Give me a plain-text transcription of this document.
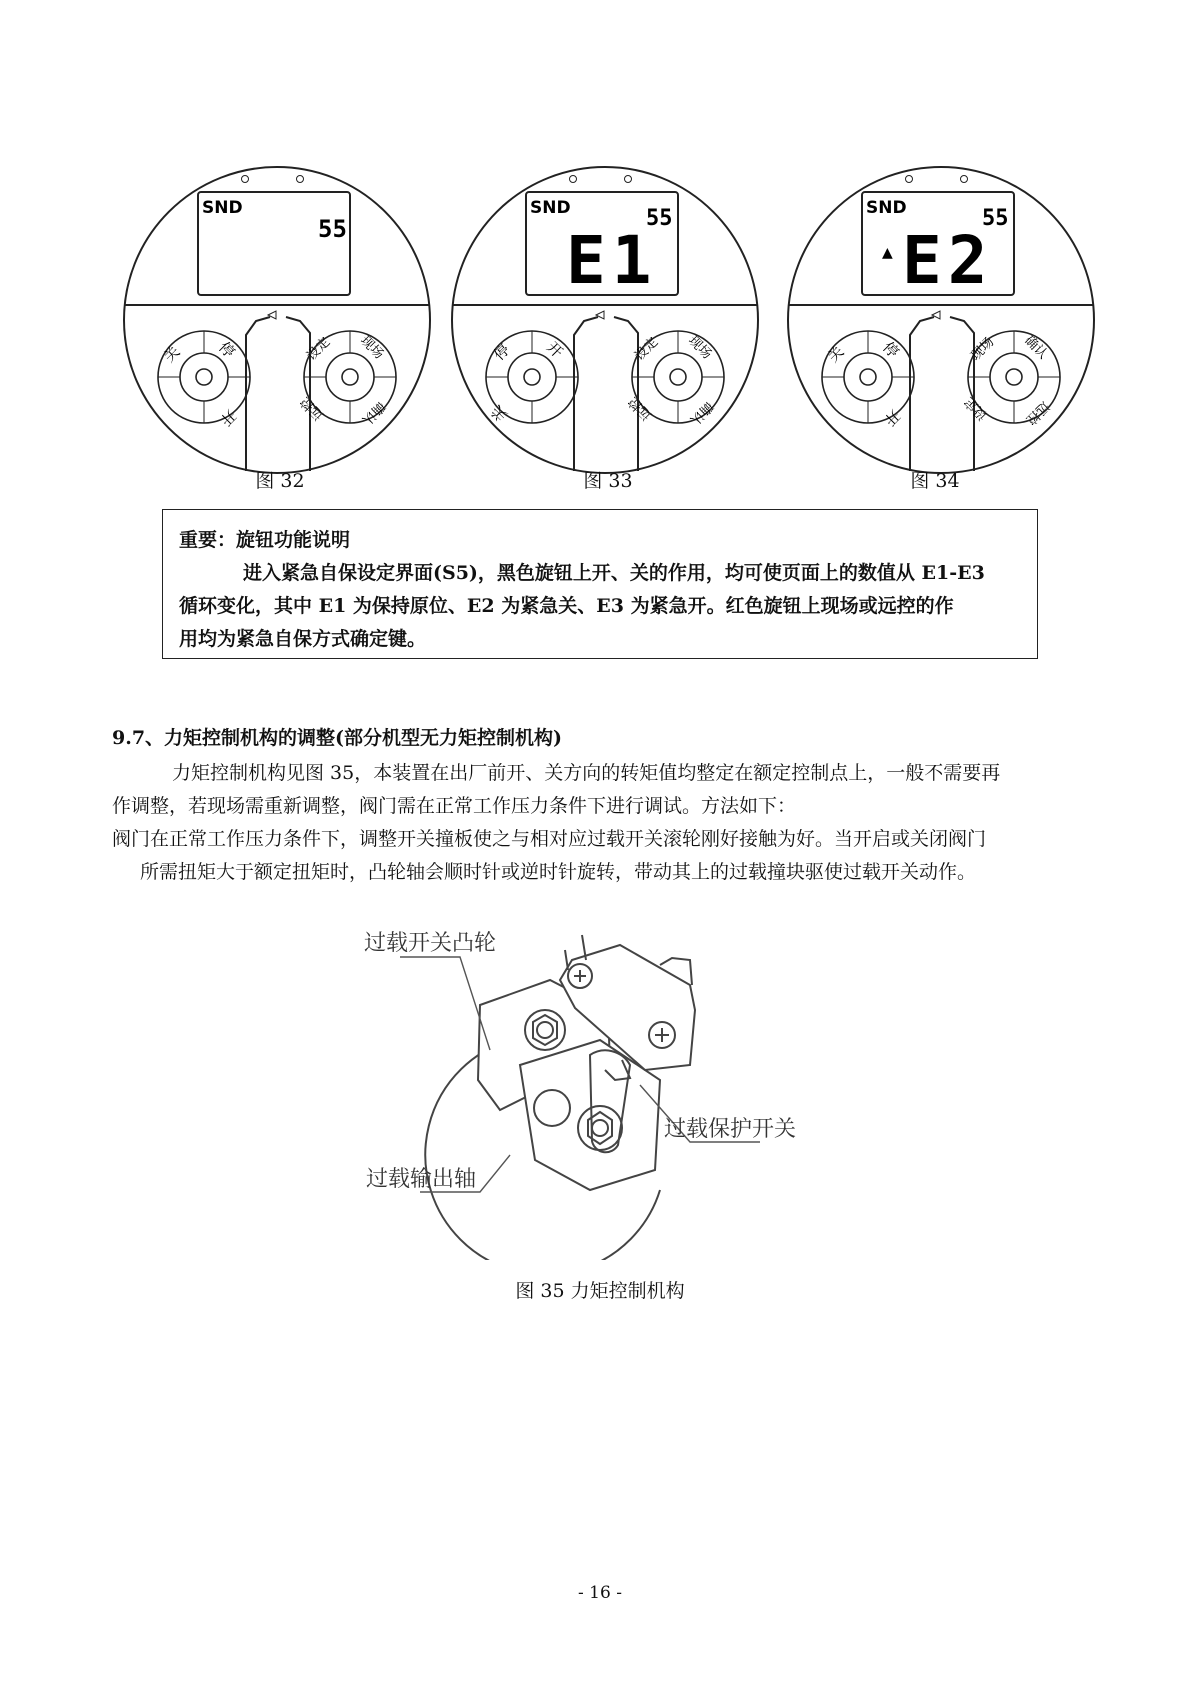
SND
55
关 停
开
设定 现场
远控 确认
SND
E1
55
停 开
关
设定 现场
远控 确认
SND
▲ E2
55
关 停
开
现场 确认
设定 远控
图 32	图 33	图 34

重要：旋钮功能说明

进入紧急自保设定界面(S5)，黑色旋钮上开、关的作用，均可使页面上的数值从 E1-E3

循环变化，其中 E1 为保持原位、E2 为紧急关、E3 为紧急开。红色旋钮上现场或远控的作

用均为紧急自保方式确定键。

9.7、力矩控制机构的调整(部分机型无力矩控制机构)
力矩控制机构见图 35，本装置在出厂前开、关方向的转矩值均整定在额定控制点上，一般不需要再
作调整，若现场需重新调整，阀门需在正常工作压力条件下进行调试。方法如下：
阀门在正常工作压力条件下，调整开关撞板使之与相对应过载开关滚轮刚好接触为好。当开启或关闭阀门
所需扭矩大于额定扭矩时，凸轮轴会顺时针或逆时针旋转，带动其上的过载撞块驱使过载开关动作。
过载开关凸轮
过载保护开关
过载输出轴
图 35 力矩控制机构
- 16 -
